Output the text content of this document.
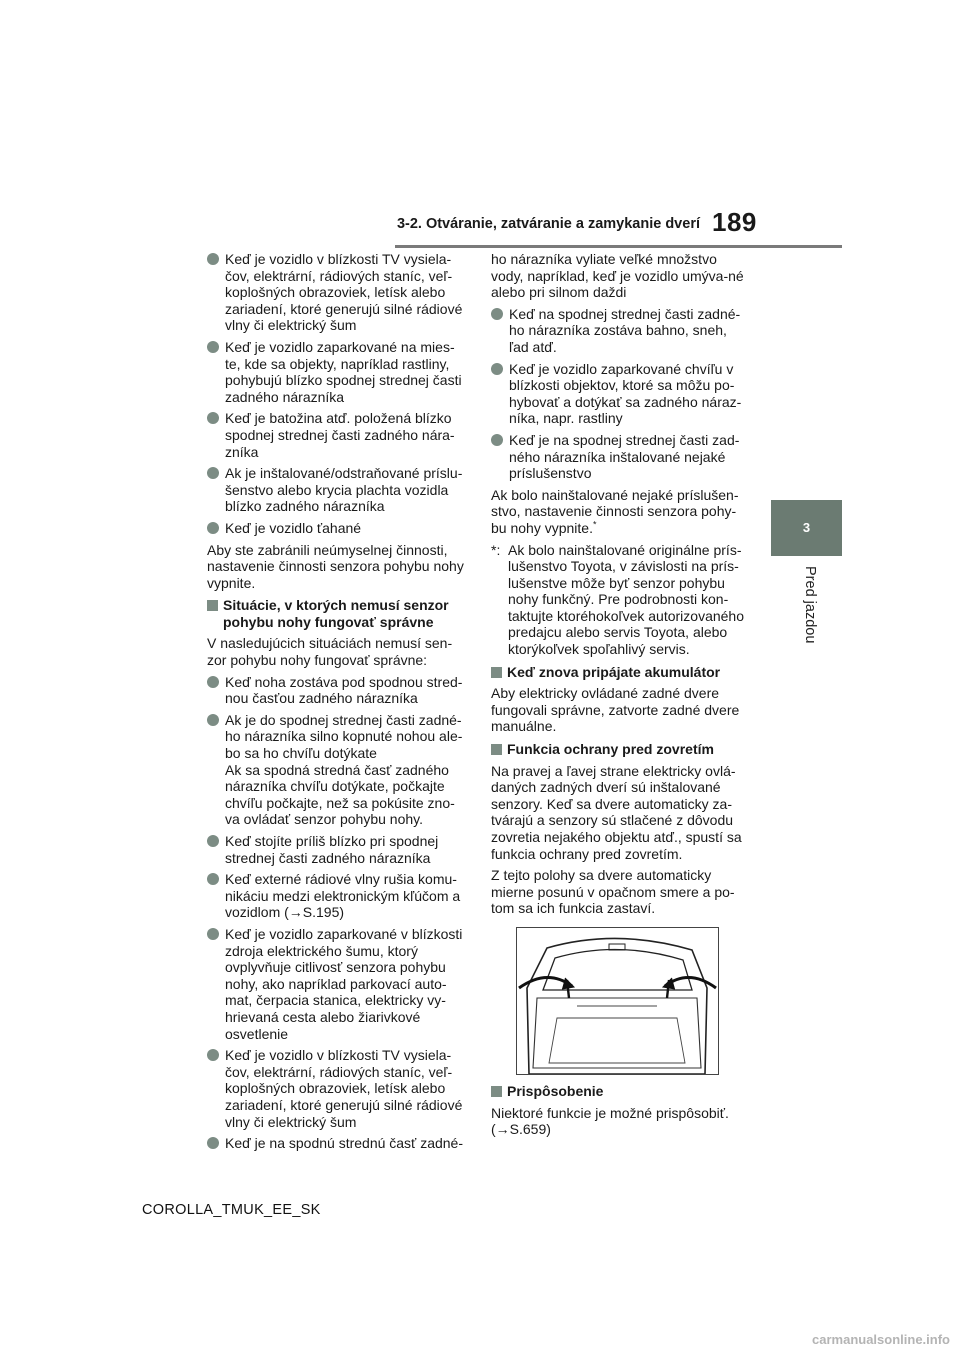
3-2. Otváranie, zatváranie a zamykanie dverí 189
3
Pred jazdou
Keď je vozidlo v blízkosti TV vysiela-čov, elektrární, rádiových staníc, veľ-koplošných obrazoviek, letísk alebo zariadení, ktoré generujú silné rádiové vlny či elektrický šum
Keď je vozidlo zaparkované na mies-te, kde sa objekty, napríklad rastliny, pohybujú blízko spodnej strednej časti zadného nárazníka
Keď je batožina atď. položená blízko spodnej strednej časti zadného nára-zníka
Ak je inštalované/odstraňované príslu-šenstvo alebo krycia plachta vozidla blízko zadného nárazníka
Keď je vozidlo ťahané
Aby ste zabránili neúmyselnej činnosti, nastavenie činnosti senzora pohybu nohy vypnite.
Situácie, v ktorých nemusí senzor pohybu nohy fungovať správne
V nasledujúcich situáciách nemusí sen-zor pohybu nohy fungovať správne:
Keď noha zostáva pod spodnou stred-nou časťou zadného nárazníka
Ak je do spodnej strednej časti zadné-ho nárazníka silno kopnuté nohou ale-bo sa ho chvíľu dotýkate
Ak sa spodná stredná časť zadného nárazníka chvíľu dotýkate, počkajte chvíľu počkajte, než sa pokúsite zno-va ovládať senzor pohybu nohy.
Keď stojíte príliš blízko pri spodnej strednej časti zadného nárazníka
Keď externé rádiové vlny rušia komu-nikáciu medzi elektronickým kľúčom a vozidlom (→S.195)
Keď je vozidlo zaparkované v blízkosti zdroja elektrického šumu, ktorý ovplyvňuje citlivosť senzora pohybu nohy, ako napríklad parkovací auto-mat, čerpacia stanica, elektricky vy-hrievaná cesta alebo žiarivkové osvetlenie
Keď je vozidlo v blízkosti TV vysiela-čov, elektrární, rádiových staníc, veľ-koplošných obrazoviek, letísk alebo zariadení, ktoré generujú silné rádiové vlny či elektrický šum
Keď je na spodnú strednú časť zadné-
ho nárazníka vyliate veľké množstvo vody, napríklad, keď je vozidlo umýva-né alebo pri silnom daždi
Keď na spodnej strednej časti zadné-ho nárazníka zostáva bahno, sneh, ľad atď.
Keď je vozidlo zaparkované chvíľu v blízkosti objektov, ktoré sa môžu po-hybovať a dotýkať sa zadného náraz-níka, napr. rastliny
Keď je na spodnej strednej časti zad-ného nárazníka inštalované nejaké príslušenstvo
Ak bolo nainštalované nejaké príslušen-stvo, nastavenie činnosti senzora pohy-bu nohy vypnite.*
*: Ak bolo nainštalované originálne prís-lušenstvo Toyota, v závislosti na prís-lušenstve môže byť senzor pohybu nohy funkčný. Pre podrobnosti kon-taktujte ktoréhokoľvek autorizovaného predajcu alebo servis Toyota, alebo ktorýkoľvek spoľahlivý servis.
Keď znova pripájate akumulátor
Aby elektricky ovládané zadné dvere fungovali správne, zatvorte zadné dvere manuálne.
Funkcia ochrany pred zovretím
Na pravej a ľavej strane elektricky ovlá-daných zadných dverí sú inštalované senzory. Keď sa dvere automaticky za-tvárajú a senzory sú stlačené z dôvodu zovretia nejakého objektu atď., spustí sa funkcia ochrany pred zovretím.
Z tejto polohy sa dvere automaticky mierne posunú v opačnom smere a po-tom sa ich funkcia zastaví.
Prispôsobenie
Niektoré funkcie je možné prispôsobiť. (→S.659)
COROLLA_TMUK_EE_SK
carmanualsonline.info
